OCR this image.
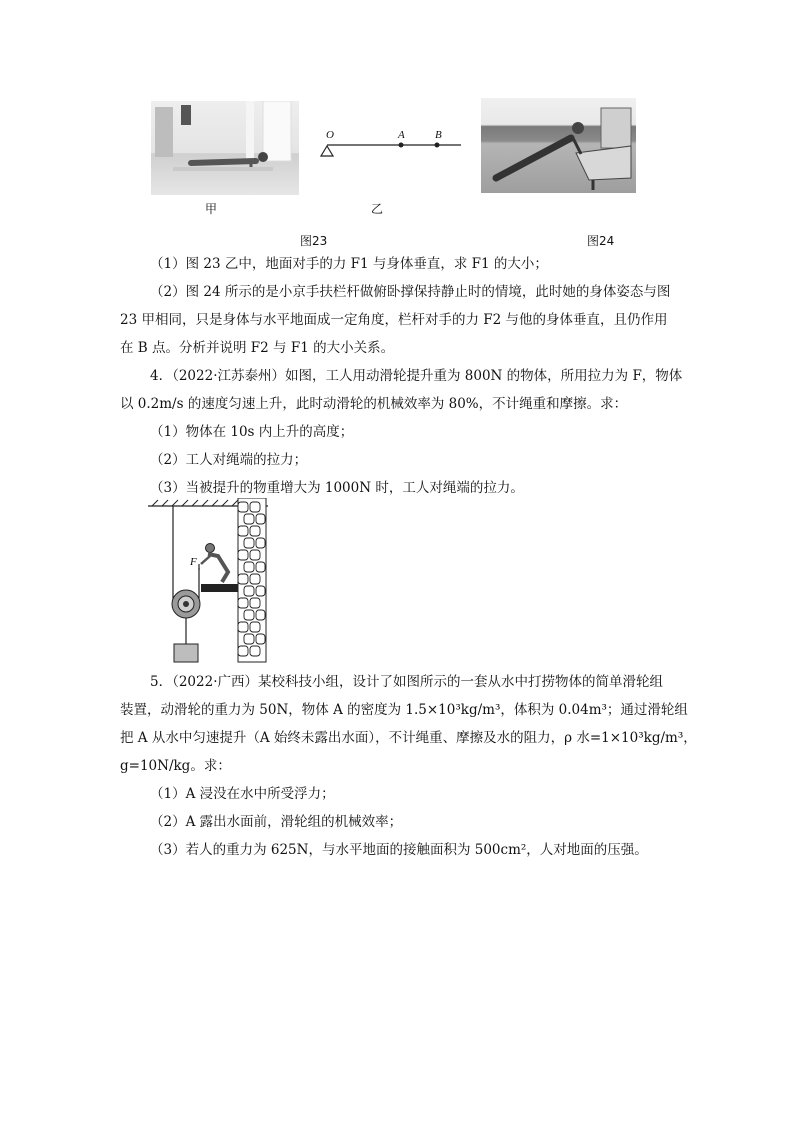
甲
O	A	B
乙
图23	图24
（1）图 23 乙中，地面对手的力 F1 与身体垂直，求 F1 的大小；
（2）图 24 所示的是小京手扶栏杆做俯卧撑保持静止时的情境，此时她的身体姿态与图
23 甲相同，只是身体与水平地面成一定角度，栏杆对手的力 F2 与他的身体垂直，且仍作用
在 B 点。分析并说明 F2 与 F1 的大小关系。
4．（2022·江苏泰州）如图，工人用动滑轮提升重为 800N 的物体，所用拉力为 F，物体
以 0.2m/s 的速度匀速上升，此时动滑轮的机械效率为 80%，不计绳重和摩擦。求：
（1）物体在 10s 内上升的高度；
（2）工人对绳端的拉力；
（3）当被提升的物重增大为 1000N 时，工人对绳端的拉力。
F
5．（2022·广西）某校科技小组，设计了如图所示的一套从水中打捞物体的简单滑轮组
装置，动滑轮的重力为 50N，物体 A 的密度为 1.5×10³kg/m³，体积为 0.04m³；通过滑轮组
把 A 从水中匀速提升（A 始终未露出水面），不计绳重、摩擦及水的阻力，ρ 水=1×10³kg/m³，
g=10N/kg。求：
（1）A 浸没在水中所受浮力；
（2）A 露出水面前，滑轮组的机械效率；
（3）若人的重力为 625N，与水平地面的接触面积为 500cm²，人对地面的压强。
